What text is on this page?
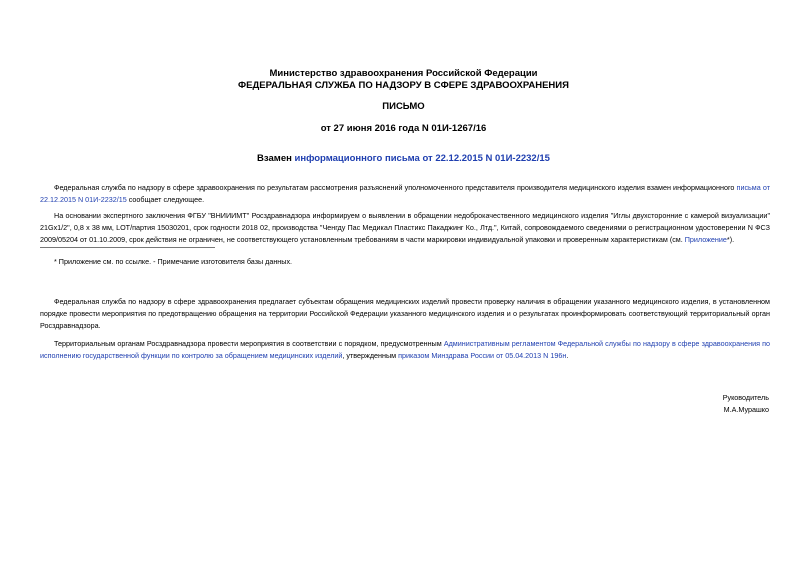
Министерство здравоохранения Российской Федерации
ФЕДЕРАЛЬНАЯ СЛУЖБА ПО НАДЗОРУ В СФЕРЕ ЗДРАВООХРАНЕНИЯ
ПИСЬМО
от 27 июня 2016 года N 01И-1267/16
Взамен информационного письма от 22.12.2015 N 01И-2232/15
Федеральная служба по надзору в сфере здравоохранения по результатам рассмотрения разъяснений уполномоченного представителя производителя медицинского изделия взамен информационного письма от 22.12.2015 N 01И-2232/15 сообщает следующее.
На основании экспертного заключения ФГБУ "ВНИИИМТ" Росздравнадзора информируем о выявлении в обращении недоброкачественного медицинского изделия "Иглы двухсторонние с камерой визуализации" 21Gx1/2", 0,8 х 38 мм, LOT/партия 15030201, срок годности 2018 02, производства "Ченгду Пас Медикал Пластикс Пакаджинг Ко., Лтд.", Китай, сопровождаемого сведениями о регистрационном удостоверении N ФСЗ 2009/05204 от 01.10.2009, срок действия не ограничен, не соответствующего установленным требованиям в части маркировки индивидуальной упаковки и проверенным характеристикам (см. Приложение*).
* Приложение см. по ссылке. - Примечание изготовителя базы данных.
Федеральная служба по надзору в сфере здравоохранения предлагает субъектам обращения медицинских изделий провести проверку наличия в обращении указанного медицинского изделия, в установленном порядке провести мероприятия по предотвращению обращения на территории Российской Федерации указанного медицинского изделия и о результатах проинформировать соответствующий территориальный орган Росздравнадзора.
Территориальным органам Росздравнадзора провести мероприятия в соответствии с порядком, предусмотренным Административным регламентом Федеральной службы по надзору в сфере здравоохранения по исполнению государственной функции по контролю за обращением медицинских изделий, утвержденным приказом Минздрава России от 05.04.2013 N 196н.
Руководитель
М.А.Мурашко
